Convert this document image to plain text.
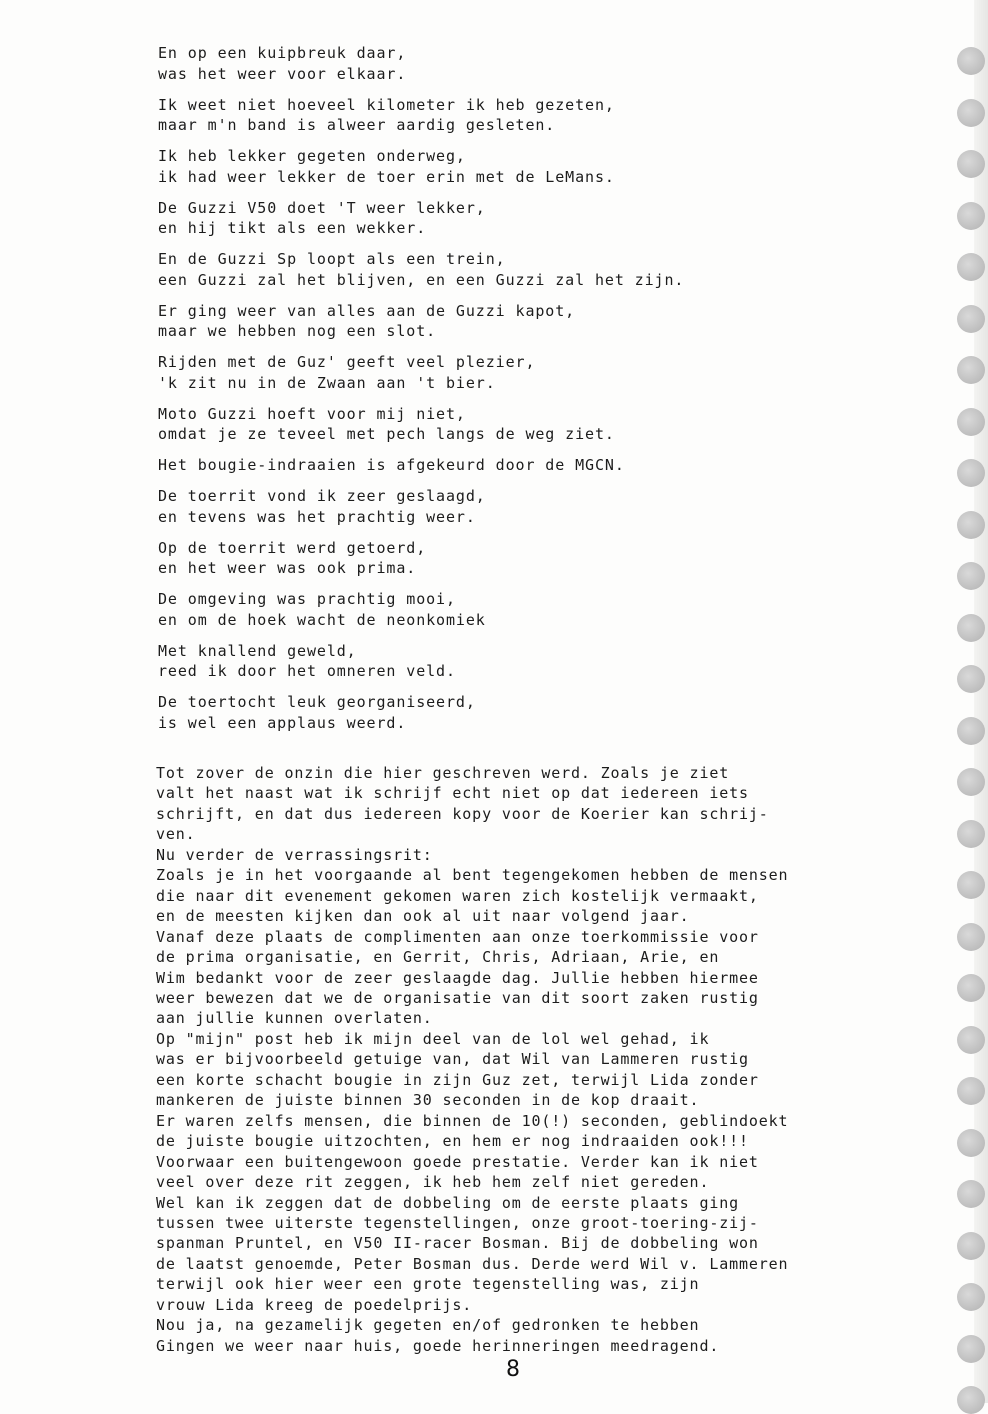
En op een kuipbreuk daar,
was het weer voor elkaar.
Ik weet niet hoeveel kilometer ik heb gezeten,
maar m'n band is alweer aardig gesleten.
Ik heb lekker gegeten onderweg,
ik had weer lekker de toer erin met de LeMans.
De Guzzi V50 doet 'T weer lekker,
en hij tikt als een wekker.
En de Guzzi Sp loopt als een trein,
een Guzzi zal het blijven, en een Guzzi zal het zijn.
Er ging weer van alles aan de Guzzi kapot,
maar we hebben nog een slot.
Rijden met de Guz' geeft veel plezier,
'k zit nu in de Zwaan aan 't bier.
Moto Guzzi hoeft voor mij niet,
omdat je ze teveel met pech langs de weg ziet.
Het bougie-indraaien is afgekeurd door de MGCN.
De toerrit vond ik zeer geslaagd,
en tevens was het prachtig weer.
Op de toerrit werd getoerd,
en het weer was ook prima.
De omgeving was prachtig mooi,
en om de hoek wacht de neonkomiek
Met knallend geweld,
reed ik door het omneren veld.
De toertocht leuk georganiseerd,
is wel een applaus weerd.
Tot zover de onzin die hier geschreven werd. Zoals je ziet
valt het naast wat ik schrijf echt niet op dat iedereen iets
schrijft, en dat dus iedereen kopy voor de Koerier kan schrij-
ven.
Nu verder de verrassingsrit:
Zoals je in het voorgaande al bent tegengekomen hebben de mensen
die naar dit evenement gekomen waren zich kostelijk vermaakt,
en de meesten kijken dan ook al uit naar volgend jaar.
Vanaf deze plaats de complimenten aan onze toerkommissie voor
de prima organisatie, en Gerrit, Chris, Adriaan, Arie, en
Wim bedankt voor de zeer geslaagde dag. Jullie hebben hiermee
weer bewezen dat we de organisatie van dit soort zaken rustig
aan jullie kunnen overlaten.
Op "mijn" post heb ik mijn deel van de lol wel gehad, ik
was er bijvoorbeeld getuige van, dat Wil van Lammeren rustig
een korte schacht bougie in zijn Guz zet, terwijl Lida zonder
mankeren de juiste binnen 30 seconden in de kop draait.
Er waren zelfs mensen, die binnen de 10(!) seconden, geblindoekt
de juiste bougie uitzochten, en hem er nog indraaiden ook!!!
Voorwaar een buitengewoon goede prestatie. Verder kan ik niet
veel over deze rit zeggen, ik heb hem zelf niet gereden.
Wel kan ik zeggen dat de dobbeling om de eerste plaats ging
tussen twee uiterste tegenstellingen, onze groot-toering-zij-
spanman Pruntel, en V50 II-racer Bosman. Bij de dobbeling won
de laatst genoemde, Peter Bosman dus. Derde werd Wil v. Lammeren
terwijl ook hier weer een grote tegenstelling was, zijn
vrouw Lida kreeg de poedelprijs.
Nou ja, na gezamelijk gegeten en/of gedronken te hebben
Gingen we weer naar huis, goede herinneringen meedragend.
8
